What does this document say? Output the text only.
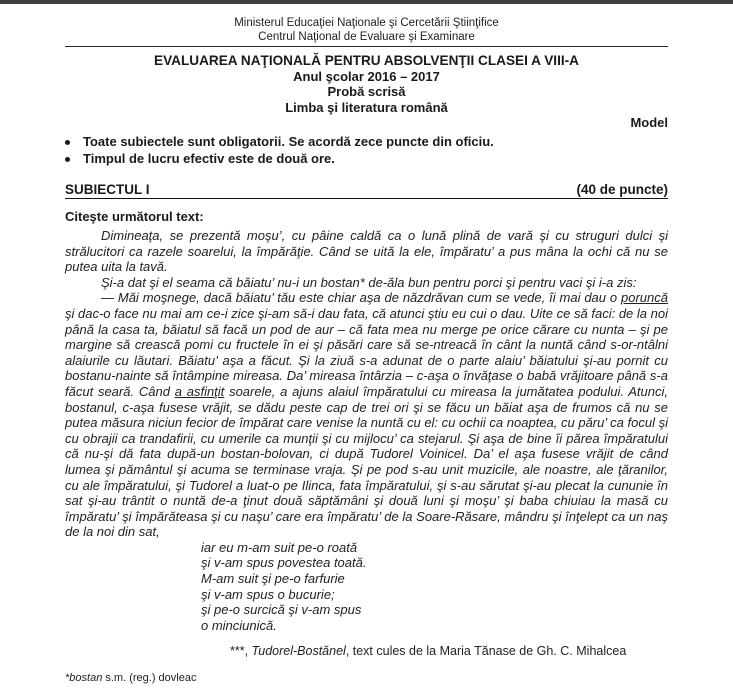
Ministerul Educaţiei Naţionale şi Cercetării Ştiinţifice
Centrul Naţional de Evaluare şi Examinare
EVALUAREA NAŢIONALĂ PENTRU ABSOLVENŢII CLASEI A VIII-A
Anul şcolar 2016 – 2017
Probă scrisă
Limba şi literatura română
Model
Toate subiectele sunt obligatorii. Se acordă zece puncte din oficiu.
Timpul de lucru efectiv este de două ore.
SUBIECTUL I	(40 de puncte)
Citeşte următorul text:
Dimineaţa, se prezentă moşu’, cu pâine caldă ca o lună plină de vară şi cu struguri dulci şi strălucitori ca razele soarelui, la împărăţie. Când se uită la ele, împăratu’ a pus mâna la ochi că nu se putea uita la tavă.
Şi-a dat şi el seama că băiatu’ nu-i un bostan* de-ăla bun pentru porci şi pentru vaci şi i-a zis:
— Măi moşnege, dacă băiatu’ tău este chiar aşa de năzdrăvan cum se vede, îi mai dau o poruncă şi dac-o face nu mai am ce-i zice şi-am să-i dau fata, că atunci ştiu eu cui o dau. Uite ce să faci: de la noi până la casa ta, băiatul să facă un pod de aur – că fata mea nu merge pe orice cărare cu nunta – şi pe margine să crească pomi cu fructele în ei şi păsări care să se-ntreacă în cânt la nuntă când s-or-ntâlni alaiurile cu lăutari. Băiatu’ aşa a făcut. Şi la ziuă s-a adunat de o parte alaiu’ băiatului şi-au pornit cu bostanu-nainte să întâmpine mireasa. Da’ mireasa întârzia – c-aşa o învăţase o babă vrăjitoare până s-a făcut seară. Când a asfinţit soarele, a ajuns alaiul împăratului cu mireasa la jumătatea podului. Atunci, bostanul, c-aşa fusese vrăjit, se dădu peste cap de trei ori şi se făcu un băiat aşa de frumos că nu se putea măsura niciun fecior de împărat care venise la nuntă cu el: cu ochii ca noaptea, cu păru’ ca focul şi cu obrajii ca trandafirii, cu umerile ca munţii şi cu mijlocu’ ca stejarul. Şi aşa de bine îi părea împăratului că nu-şi dă fata după-un bostan-bolovan, ci după Tudorel Voinicel. Da’ el aşa fusese vrăjit de când lumea şi pământul şi acuma se terminase vraja. Şi pe pod s-au unit muzicile, ale noastre, ale ţăranilor, cu ale împăratului, şi Tudorel a luat-o pe Ilinca, fata împăratului, şi s-au sărutat şi-au plecat la cununie în sat şi-au trântit o nuntă de-a ţinut două săptămâni şi două luni şi moşu’ şi baba chiuiau la masă cu împăratu’ şi împărăteasa şi cu naşu’ care era împăratu’ de la Soare-Răsare, mândru şi înţelept ca un naş de la noi din sat,
iar eu m-am suit pe-o roată
şi v-am spus povestea toată.
M-am suit şi pe-o farfurie
şi v-am spus o bucurie;
şi pe-o surcică şi v-am spus
o minciunică.
***, Tudorel-Bostănel, text cules de la Maria Tănase de Gh. C. Mihalcea
*bostan s.m. (reg.) dovleac
